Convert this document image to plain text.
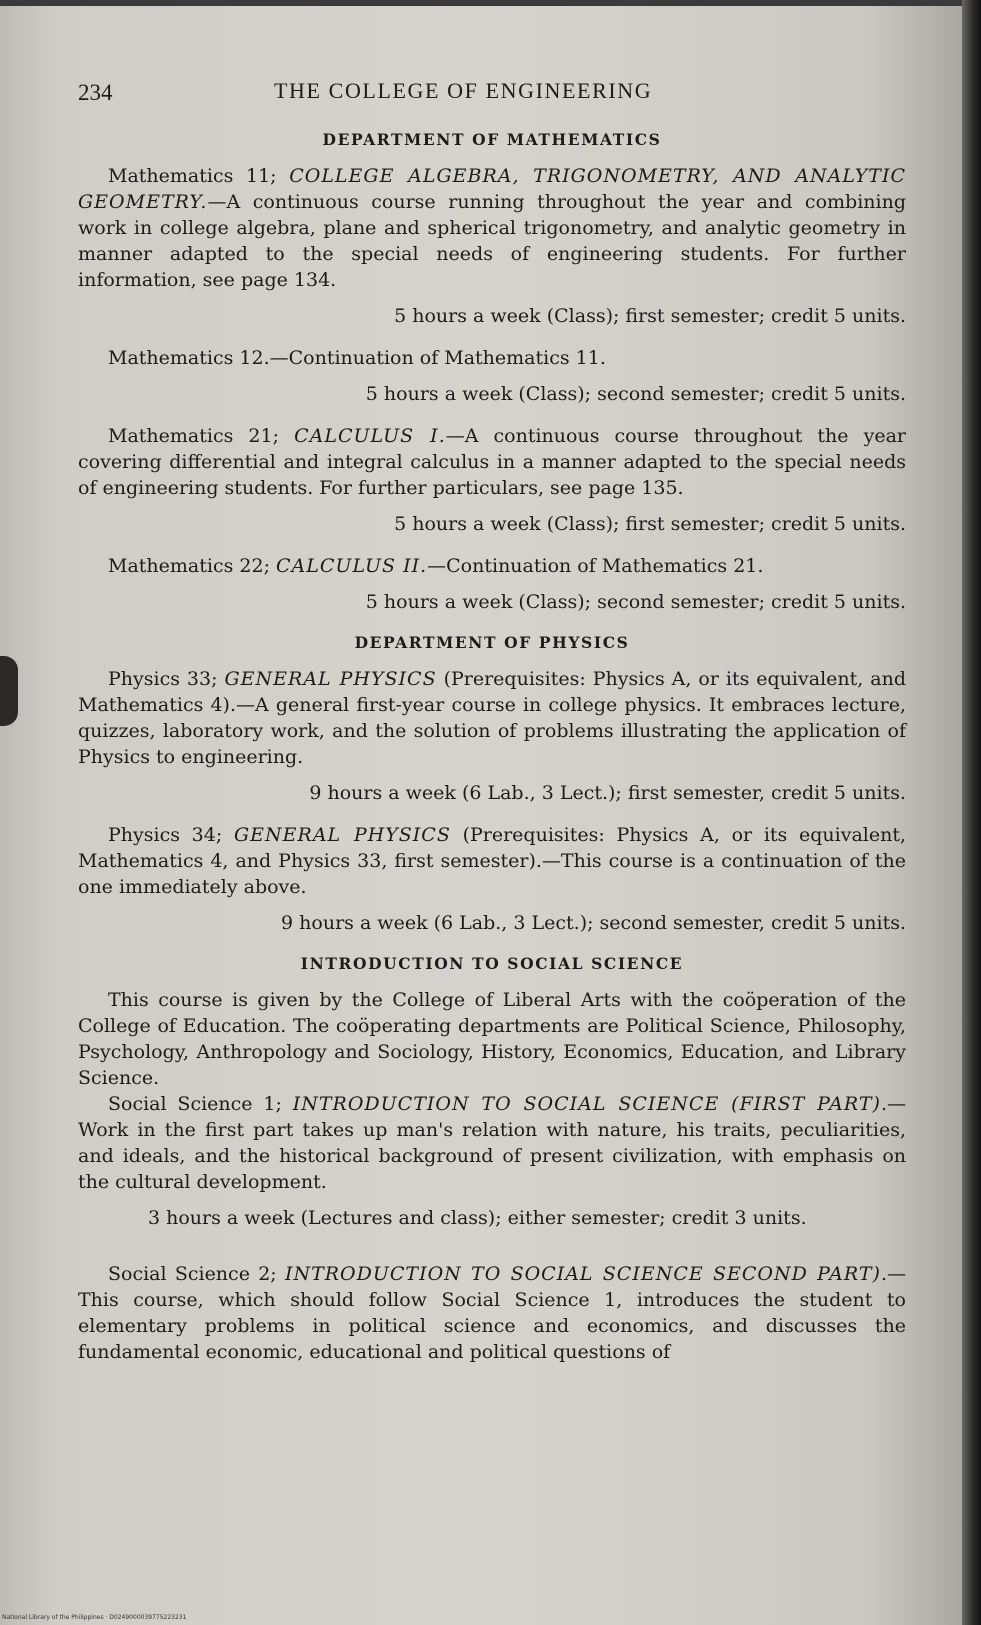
234	THE COLLEGE OF ENGINEERING
DEPARTMENT OF MATHEMATICS

Mathematics 11; COLLEGE ALGEBRA, TRIGONOMETRY, AND ANALYTIC GEOMETRY.—A continuous course running throughout the year and combining work in college algebra, plane and spherical trigonometry, and analytic geometry in manner adapted to the special needs of engineering students. For further information, see page 134.

5 hours a week (Class); first semester; credit 5 units.

Mathematics 12.—Continuation of Mathematics 11.

5 hours a week (Class); second semester; credit 5 units.

Mathematics 21; CALCULUS I.—A continuous course throughout the year covering differential and integral calculus in a manner adapted to the special needs of engineering students. For further particulars, see page 135.

5 hours a week (Class); first semester; credit 5 units.

Mathematics 22; CALCULUS II.—Continuation of Mathematics 21.

5 hours a week (Class); second semester; credit 5 units.
DEPARTMENT OF PHYSICS

Physics 33; GENERAL PHYSICS (Prerequisites: Physics A, or its equivalent, and Mathematics 4).—A general first-year course in college physics. It embraces lecture, quizzes, laboratory work, and the solution of problems illustrating the application of Physics to engineering.

9 hours a week (6 Lab., 3 Lect.); first semester, credit 5 units.

Physics 34; GENERAL PHYSICS (Prerequisites: Physics A, or its equivalent, Mathematics 4, and Physics 33, first semester).—This course is a continuation of the one immediately above.

9 hours a week (6 Lab., 3 Lect.); second semester, credit 5 units.
INTRODUCTION TO SOCIAL SCIENCE

This course is given by the College of Liberal Arts with the coöperation of the College of Education. The coöperating departments are Political Science, Philosophy, Psychology, Anthropology and Sociology, History, Economics, Education, and Library Science.

Social Science 1; INTRODUCTION TO SOCIAL SCIENCE (FIRST PART).—Work in the first part takes up man's relation with nature, his traits, peculiarities, and ideals, and the historical background of present civilization, with emphasis on the cultural development.

3 hours a week (Lectures and class); either semester; credit 3 units.

Social Science 2; INTRODUCTION TO SOCIAL SCIENCE SECOND PART).—This course, which should follow Social Science 1, introduces the student to elementary problems in political science and economics, and discusses the fundamental economic, educational and political questions of

National Library of the Philippines · D0249000039775223231
